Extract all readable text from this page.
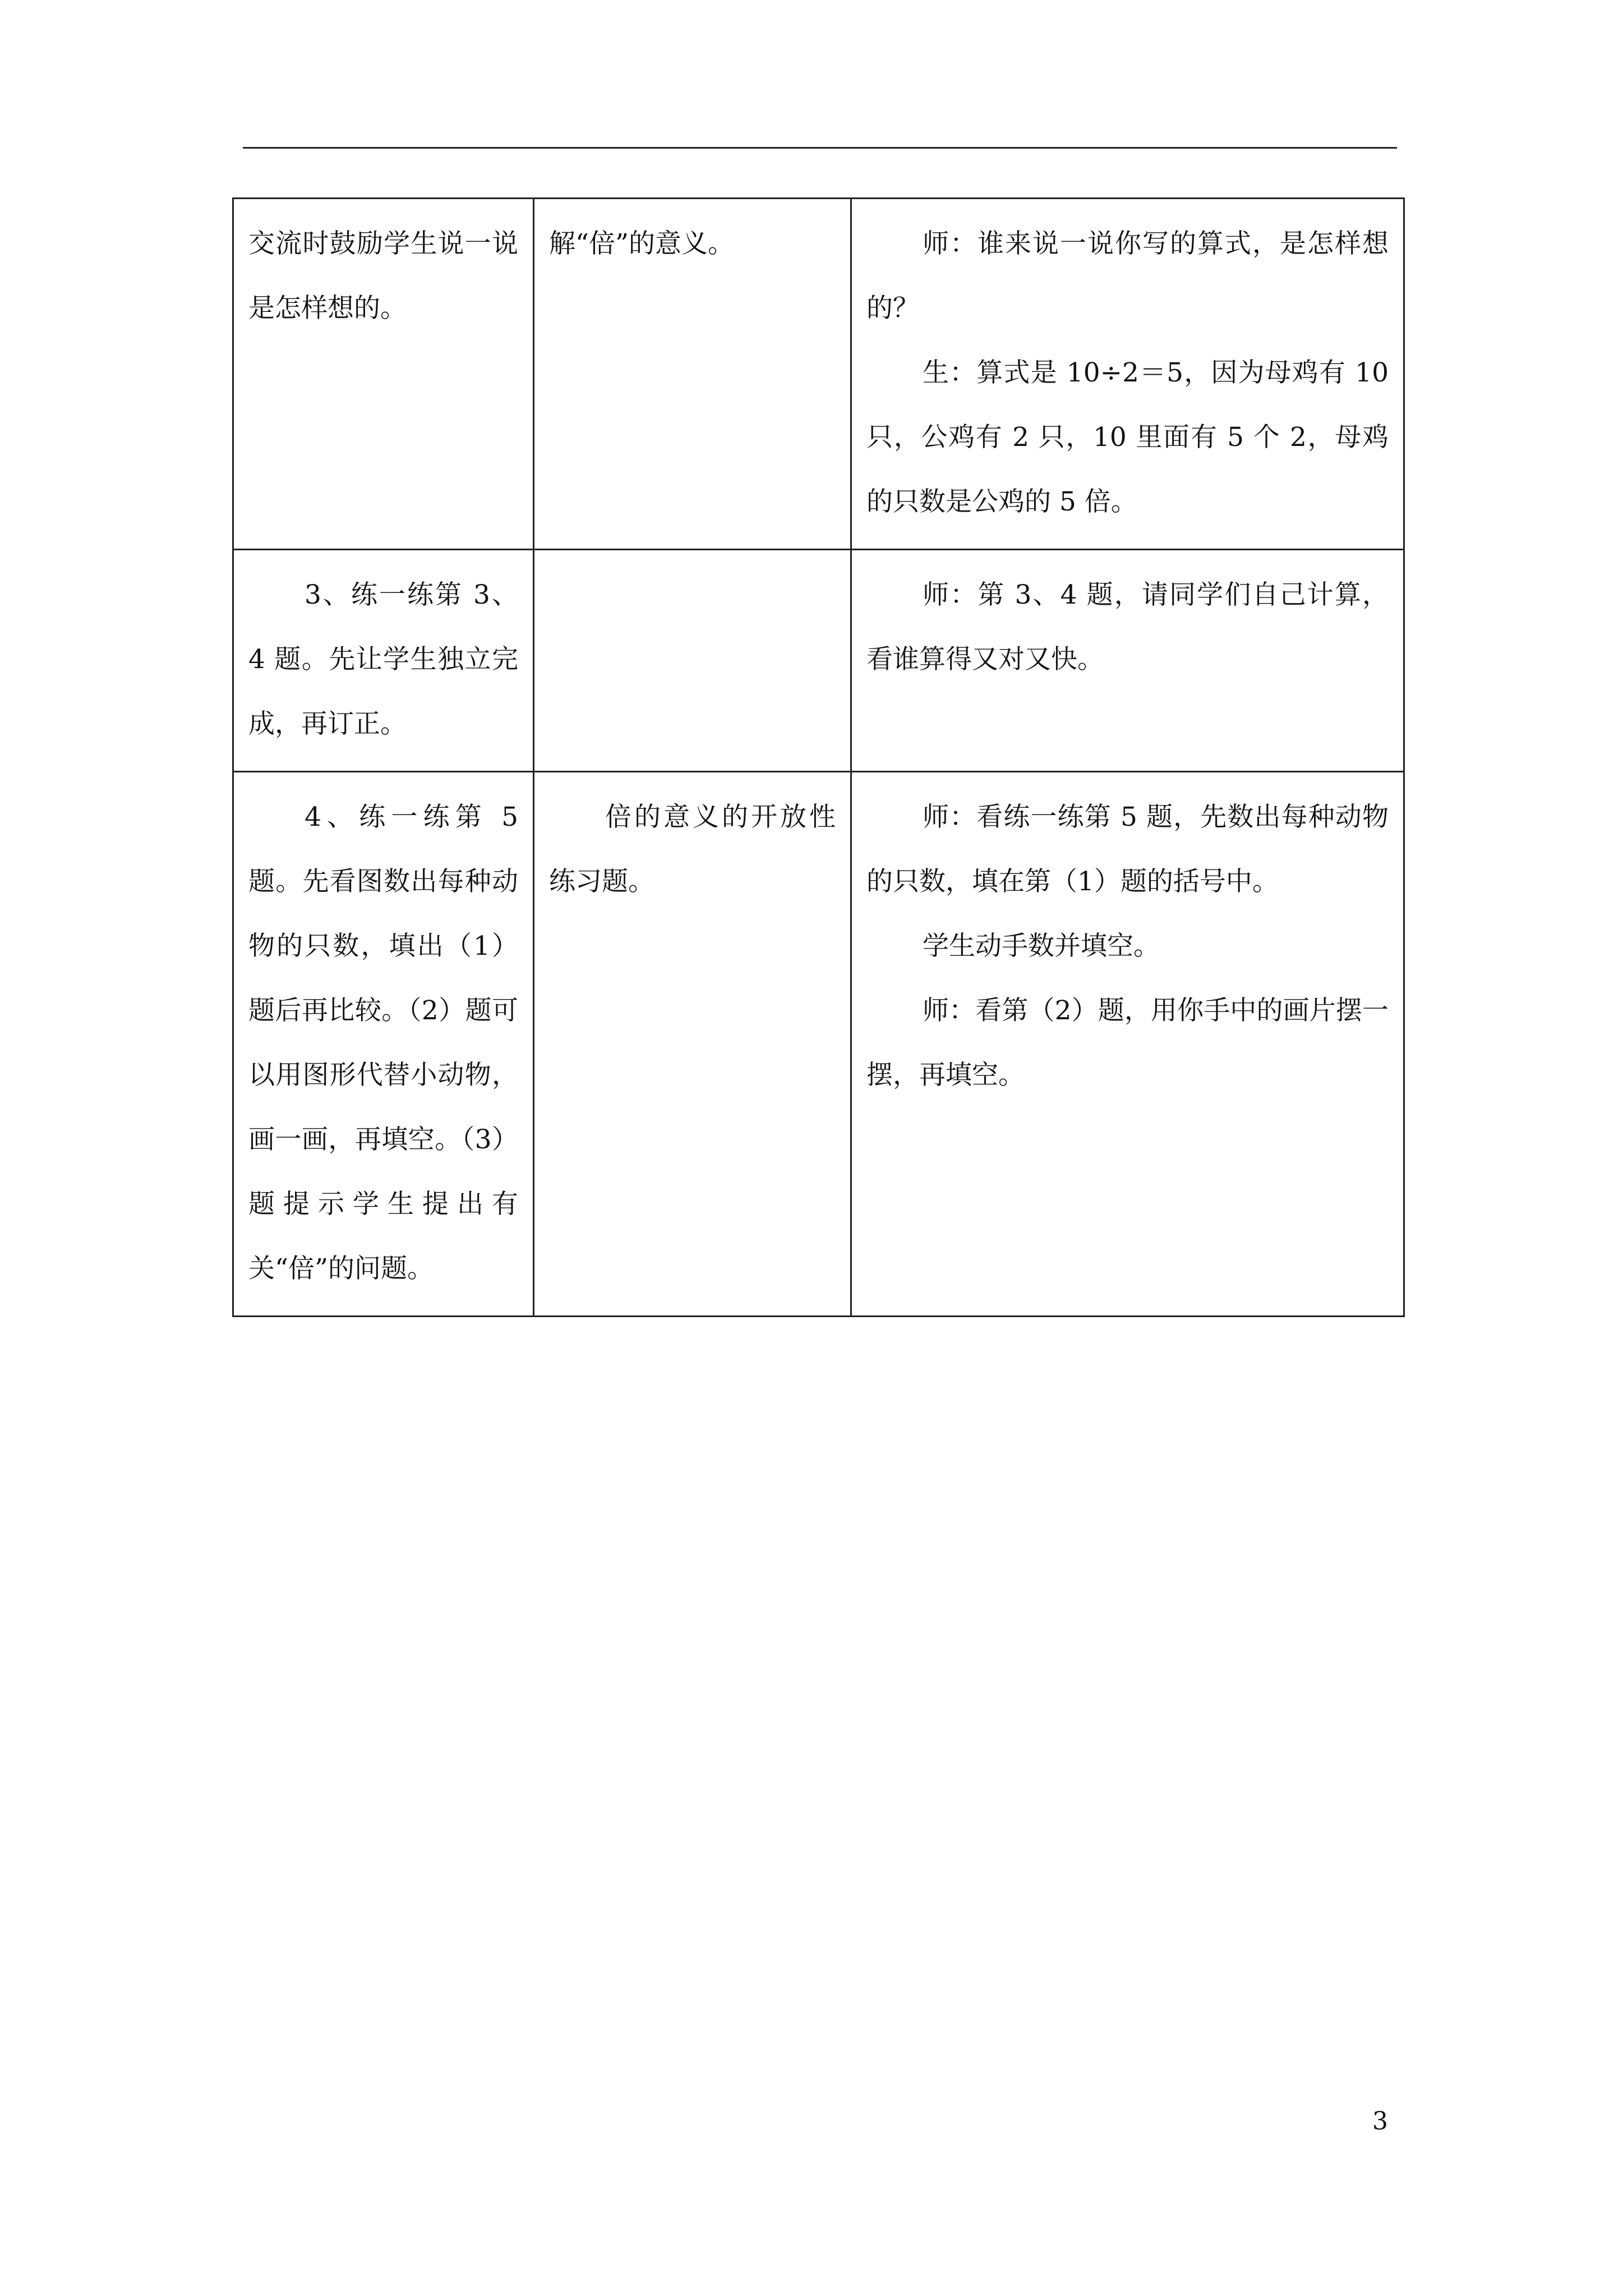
交流时鼓励学生说一说是怎样想的。	解“倍”的意义。	师：谁来说一说你写的算式，是怎样想的？
生：算式是 10÷2＝5，因为母鸡有 10 只，公鸡有 2 只，10 里面有 5 个 2，母鸡的只数是公鸡的 5 倍。

3、练一练第 3、4 题。先让学生独立完成，再订正。		师：第 3、4 题，请同学们自己计算，看谁算得又对又快。

4、练一练第 5 题。先看图数出每种动物的只数，填出（1）题后再比较。（2）题可以用图形代替小动物，画一画，再填空。（3）题提示学生提出有关“倍”的问题。	倍的意义的开放性练习题。	师：看练一练第 5 题，先数出每种动物的只数，填在第（1）题的括号中。
学生动手数并填空。
师：看第（2）题，用你手中的画片摆一摆，再填空。
3
